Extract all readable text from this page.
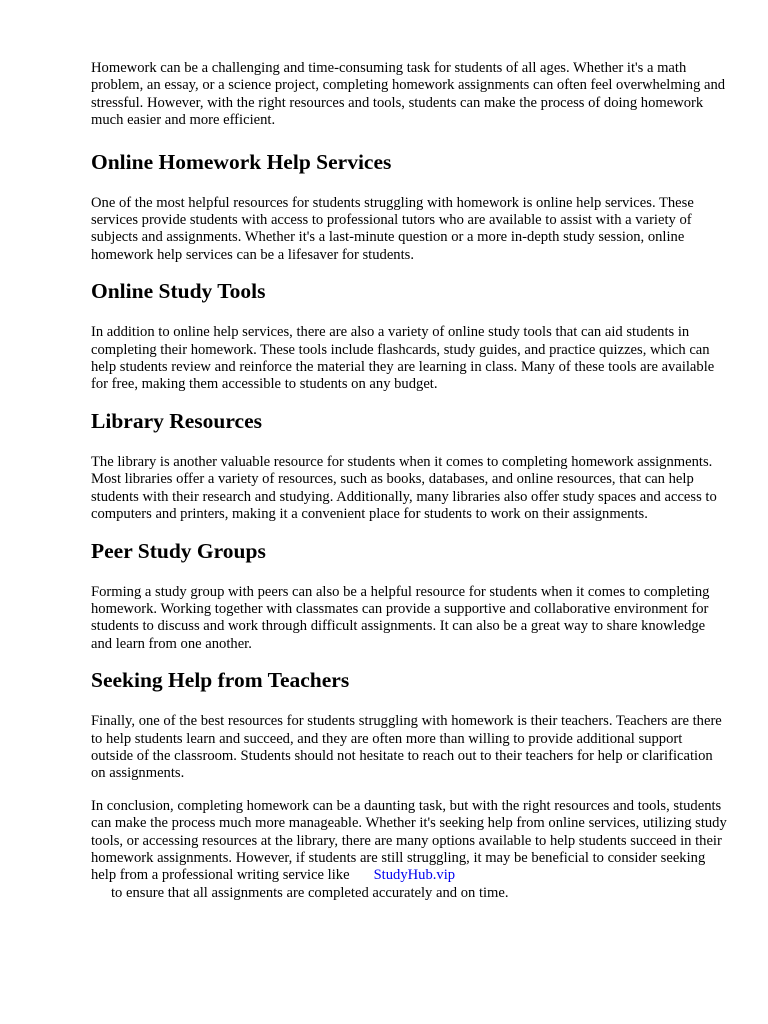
Homework can be a challenging and time-consuming task for students of all ages. Whether it's a math problem, an essay, or a science project, completing homework assignments can often feel overwhelming and stressful. However, with the right resources and tools, students can make the process of doing homework much easier and more efficient.

Online Homework Help Services

One of the most helpful resources for students struggling with homework is online help services. These services provide students with access to professional tutors who are available to assist with a variety of subjects and assignments. Whether it's a last-minute question or a more in-depth study session, online homework help services can be a lifesaver for students.

Online Study Tools

In addition to online help services, there are also a variety of online study tools that can aid students in completing their homework. These tools include flashcards, study guides, and practice quizzes, which can help students review and reinforce the material they are learning in class. Many of these tools are available for free, making them accessible to students on any budget.

Library Resources

The library is another valuable resource for students when it comes to completing homework assignments. Most libraries offer a variety of resources, such as books, databases, and online resources, that can help students with their research and studying. Additionally, many libraries also offer study spaces and access to computers and printers, making it a convenient place for students to work on their assignments.

Peer Study Groups

Forming a study group with peers can also be a helpful resource for students when it comes to completing homework. Working together with classmates can provide a supportive and collaborative environment for students to discuss and work through difficult assignments. It can also be a great way to share knowledge and learn from one another.

Seeking Help from Teachers

Finally, one of the best resources for students struggling with homework is their teachers. Teachers are there to help students learn and succeed, and they are often more than willing to provide additional support outside of the classroom. Students should not hesitate to reach out to their teachers for help or clarification on assignments.

In conclusion, completing homework can be a daunting task, but with the right resources and tools, students can make the process much more manageable. Whether it's seeking help from online services, utilizing study tools, or accessing resources at the library, there are many options available to help students succeed in their homework assignments. However, if students are still struggling, it may be beneficial to consider seeking help from a professional writing service like StudyHub.vip
to ensure that all assignments are completed accurately and on time.
